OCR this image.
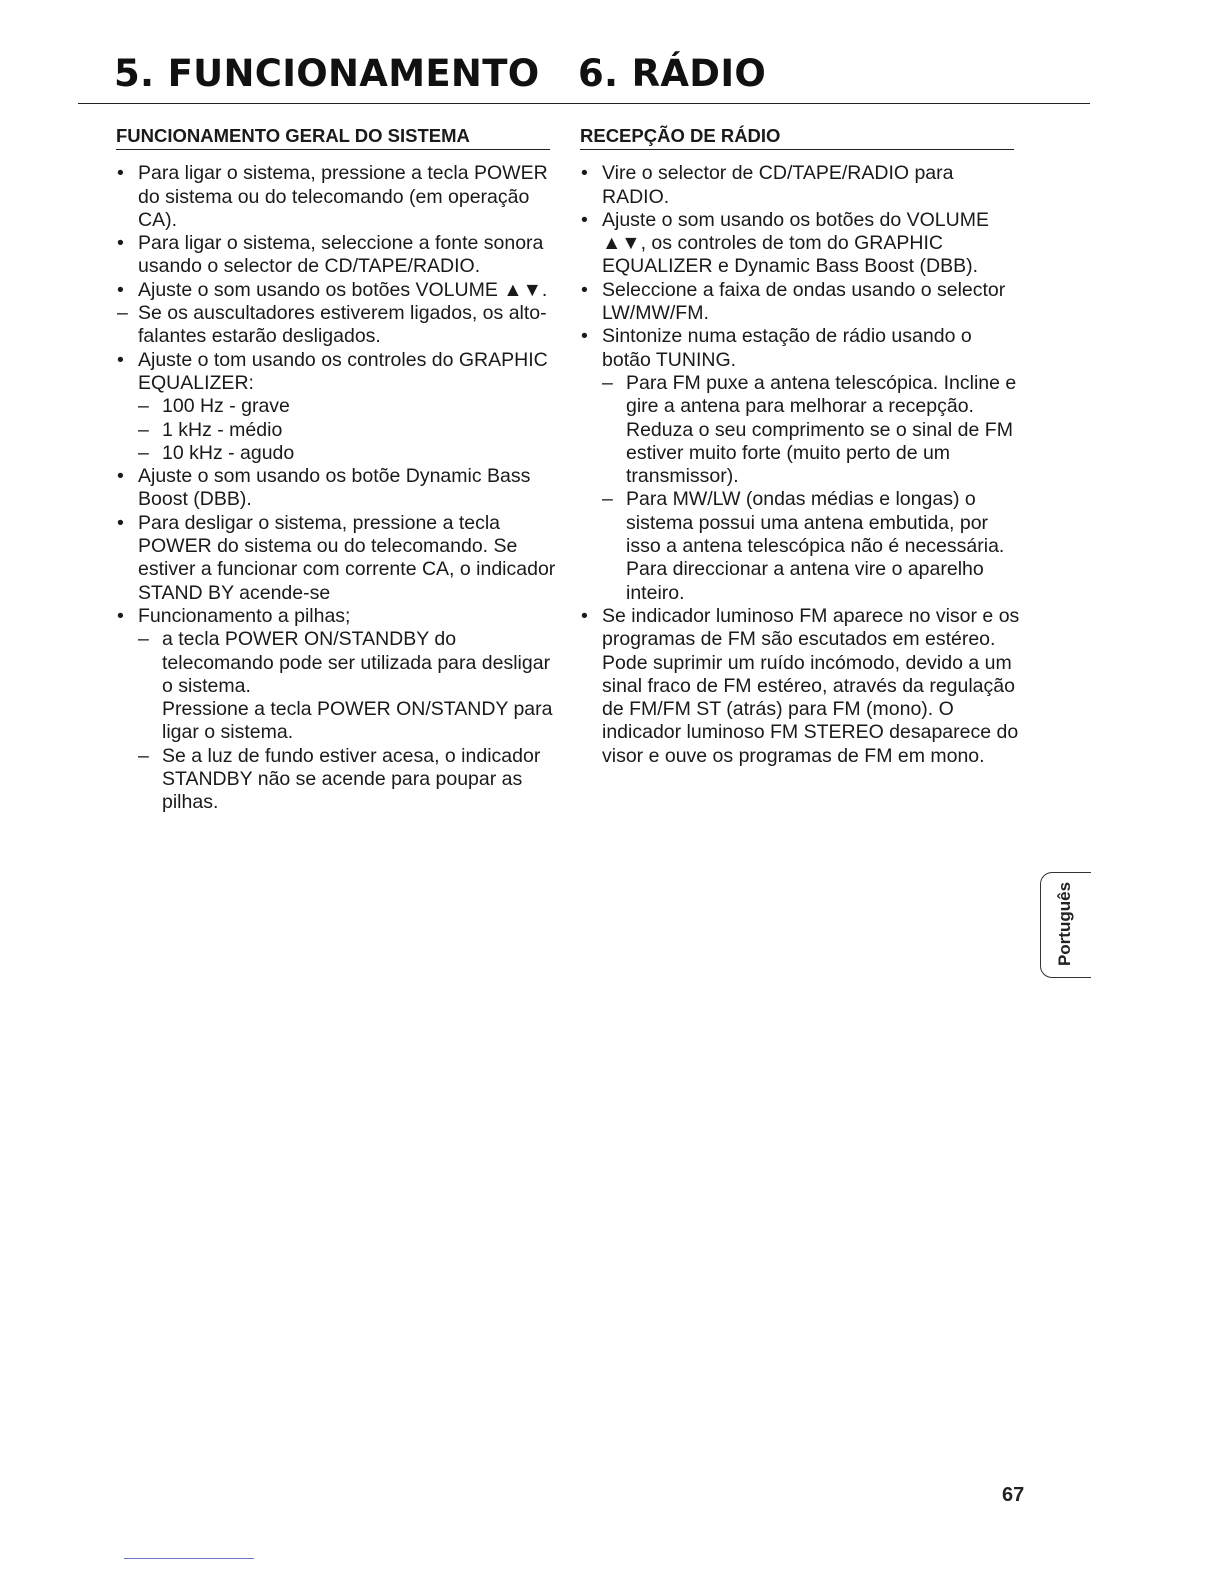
5. FUNCIONAMENTO 6. RÁDIO
FUNCIONAMENTO GERAL DO SISTEMA
• Para ligar o sistema, pressione a tecla POWER do sistema ou do telecomando (em operação CA).
• Para ligar o sistema, seleccione a fonte sonora usando o selector de CD/TAPE/RADIO.
• Ajuste o som usando os botões VOLUME ▲▼.
– Se os auscultadores estiverem ligados, os alto-falantes estarão desligados.
• Ajuste o tom usando os controles do GRAPHIC EQUALIZER:
– 100 Hz - grave
– 1 kHz - médio
– 10 kHz - agudo
• Ajuste o som usando os botõe Dynamic Bass Boost (DBB).
• Para desligar o sistema, pressione a tecla POWER do sistema ou do telecomando. Se estiver a funcionar com corrente CA, o indicador STAND BY acende-se
• Funcionamento a pilhas;
– a tecla POWER ON/STANDBY do telecomando pode ser utilizada para desligar o sistema.
Pressione a tecla POWER ON/STANDY para ligar o sistema.
– Se a luz de fundo estiver acesa, o indicador STANDBY não se acende para poupar as pilhas.
RECEPÇÃO DE RÁDIO
• Vire o selector de CD/TAPE/RADIO para RADIO.
• Ajuste o som usando os botões do VOLUME ▲▼, os controles de tom do GRAPHIC EQUALIZER e Dynamic Bass Boost (DBB).
• Seleccione a faixa de ondas usando o selector LW/MW/FM.
• Sintonize numa estação de rádio usando o botão TUNING.
– Para FM puxe a antena telescópica. Incline e gire a antena para melhorar a recepção. Reduza o seu comprimento se o sinal de FM estiver muito forte (muito perto de um transmissor).
– Para MW/LW (ondas médias e longas) o sistema possui uma antena embutida, por isso a antena telescópica não é necessária. Para direccionar a antena vire o aparelho inteiro.
• Se indicador luminoso FM aparece no visor e os programas de FM são escutados em estéreo. Pode suprimir um ruído incómodo, devido a um sinal fraco de FM estéreo, através da regulação de FM/FM ST (atrás) para FM (mono). O indicador luminoso FM STEREO desaparece do visor e ouve os programas de FM em mono.
Português
67
